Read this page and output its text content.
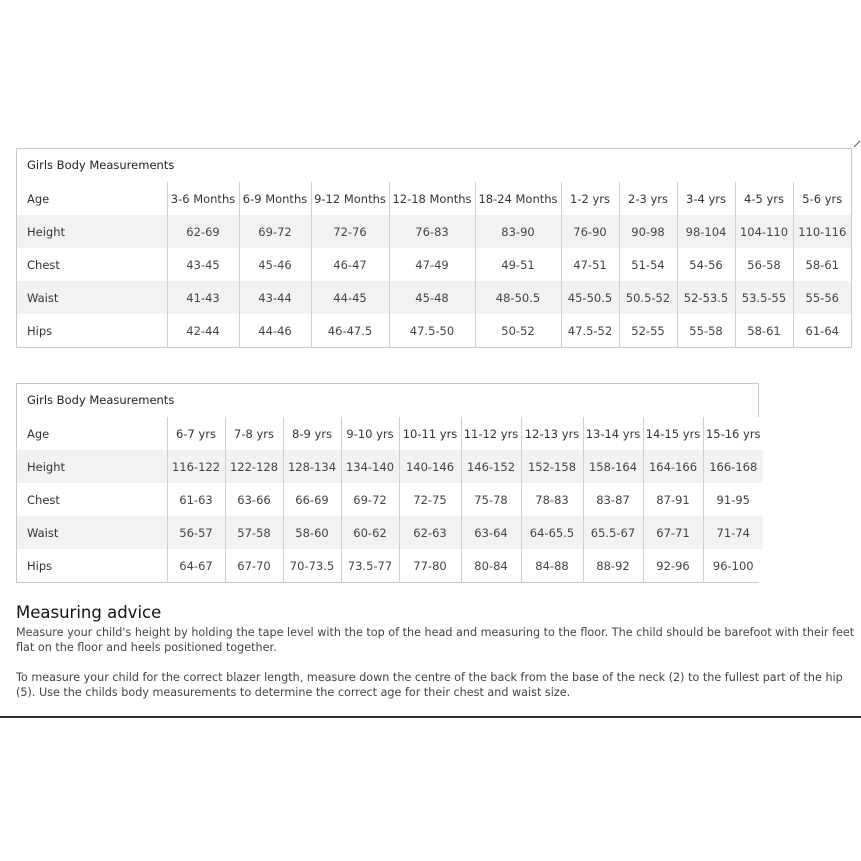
Girls Body Measurements
Age	3-6 Months	6-9 Months	9-12 Months	12-18 Months	18-24 Months	1-2 yrs	2-3 yrs	3-4 yrs	4-5 yrs	5-6 yrs
Height	62-69	69-72	72-76	76-83	83-90	76-90	90-98	98-104	104-110	110-116
Chest	43-45	45-46	46-47	47-49	49-51	47-51	51-54	54-56	56-58	58-61
Waist	41-43	43-44	44-45	45-48	48-50.5	45-50.5	50.5-52	52-53.5	53.5-55	55-56
Hips	42-44	44-46	46-47.5	47.5-50	50-52	47.5-52	52-55	55-58	58-61	61-64
Girls Body Measurements
Age	6-7 yrs	7-8 yrs	8-9 yrs	9-10 yrs	10-11 yrs	11-12 yrs	12-13 yrs	13-14 yrs	14-15 yrs	15-16 yrs
Height	116-122	122-128	128-134	134-140	140-146	146-152	152-158	158-164	164-166	166-168
Chest	61-63	63-66	66-69	69-72	72-75	75-78	78-83	83-87	87-91	91-95
Waist	56-57	57-58	58-60	60-62	62-63	63-64	64-65.5	65.5-67	67-71	71-74
Hips	64-67	67-70	70-73.5	73.5-77	77-80	80-84	84-88	88-92	92-96	96-100
Measuring advice

Measure your child's height by holding the tape level with the top of the head and measuring to the floor. The child should be barefoot with their feet flat on the floor and heels positioned together.

To measure your child for the correct blazer length, measure down the centre of the back from the base of the neck (2) to the fullest part of the hip (5). Use the childs body measurements to determine the correct age for their chest and waist size.
